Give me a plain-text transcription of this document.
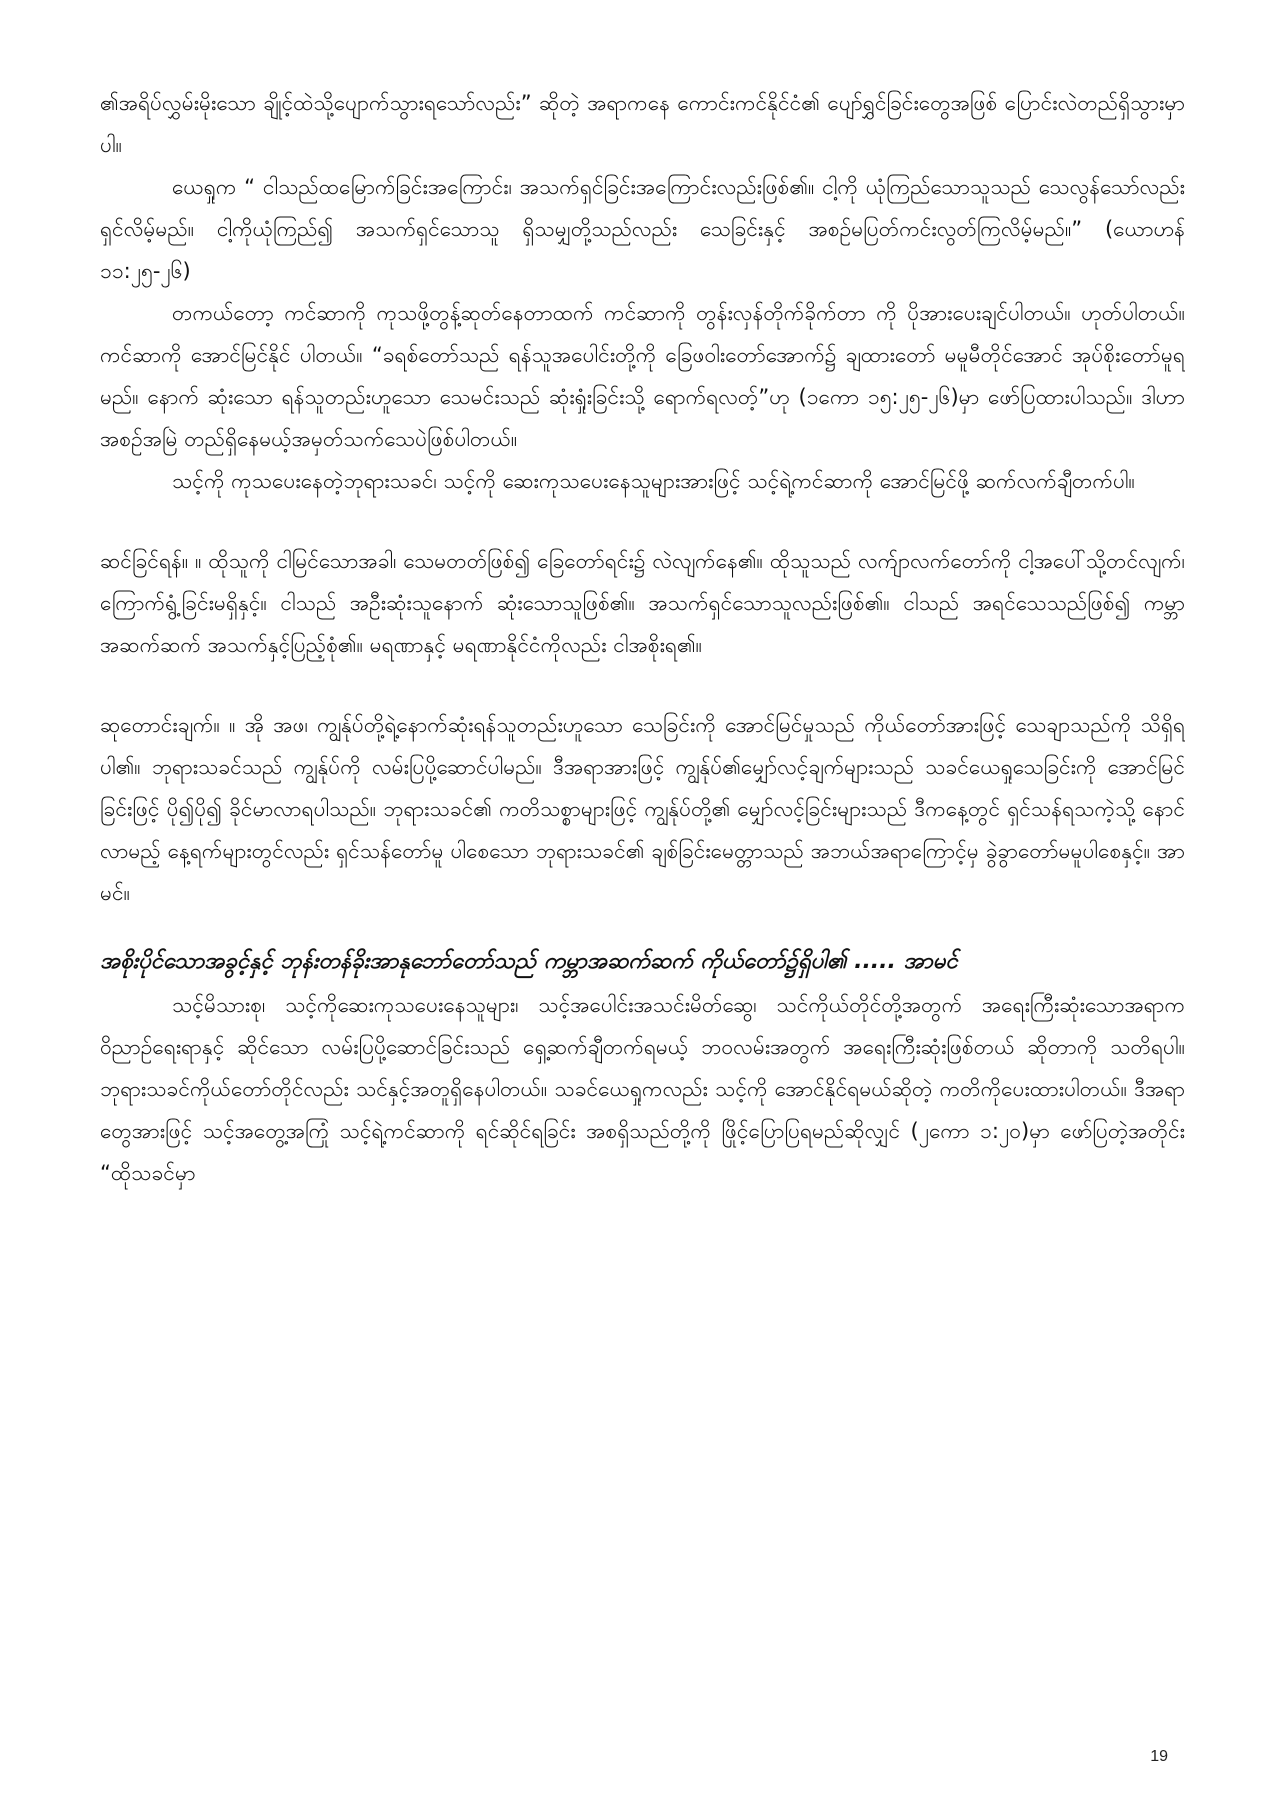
၏အရိပ်လွှမ်းမိုးသော ချိုင့်ထဲသို့ပျောက်သွားရသော်လည်း” ဆိုတဲ့ အရာကနေ ကောင်းကင်နိုင်ငံ၏ ပျော်ရွှင်ခြင်းတွေအဖြစ် ပြောင်းလဲတည်ရှိသွားမှာပါ။

ယေရှုက “ ငါသည်ထမြောက်ခြင်းအကြောင်း၊ အသက်ရှင်ခြင်းအကြောင်းလည်းဖြစ်၏။ ငါ့ကို ယုံကြည်သောသူသည် သေလွန်သော်လည်း ရှင်လိမ့်မည်။ ငါ့ကိုယုံကြည်၍ အသက်ရှင်သောသူ ရှိသမျှတို့သည်လည်း သေခြင်းနှင့် အစဉ်မပြတ်ကင်းလွတ်ကြလိမ့်မည်။” (ယောဟန် ၁၁:၂၅-၂၆)

တကယ်တော့ ကင်ဆာကို ကုသဖို့တွန့်ဆုတ်နေတာထက် ကင်ဆာကို တွန်းလှန်တိုက်ခိုက်တာ ကို ပိုအားပေးချင်ပါတယ်။ ဟုတ်ပါတယ်။ ကင်ဆာကို အောင်မြင်နိုင် ပါတယ်။ “ခရစ်တော်သည် ရန်သူအပေါင်းတို့ကို ခြေဖဝါးတော်အောက်၌ ချထားတော် မမူမီတိုင်အောင် အုပ်စိုးတော်မူရမည်။ နောက် ဆုံးသော ရန်သူတည်းဟူသော သေမင်းသည် ဆုံးရှုံးခြင်းသို့ ရောက်ရလတ့်”ဟု (၁ကော ၁၅:၂၅-၂၆)မှာ ဖော်ပြထားပါသည်။ ဒါဟာ အစဉ်အမြဲ တည်ရှိနေမယ့်အမှတ်သက်သေပဲဖြစ်ပါတယ်။

သင့်ကို ကုသပေးနေတဲ့ဘုရားသခင်၊ သင့်ကို ဆေးကုသပေးနေသူများအားဖြင့် သင့်ရဲ့ကင်ဆာကို အောင်မြင်ဖို့ ဆက်လက်ချီတက်ပါ။

ဆင်ခြင်ရန်။ ။ ထိုသူကို ငါမြင်သောအခါ၊ သေမတတ်ဖြစ်၍ ခြေတော်ရင်း၌ လဲလျက်နေ၏။ ထိုသူသည် လက်ျာလက်တော်ကို ငါ့အပေါ်သို့တင်လျက်၊ ကြောက်ရွံ့ခြင်းမရှိနှင့်။ ငါသည် အဦးဆုံးသူနောက် ဆုံးသောသူဖြစ်၏။ အသက်ရှင်သောသူလည်းဖြစ်၏။ ငါသည် အရင်သေသည်ဖြစ်၍ ကမ္ဘာအဆက်ဆက် အသက်နှင့်ပြည့်စုံ၏။ မရဏာနှင့် မရဏာနိုင်ငံကိုလည်း ငါအစိုးရ၏။

ဆုတောင်းချက်။ ။ အို အဖ၊ ကျွန်ုပ်တို့ရဲ့နောက်ဆုံးရန်သူတည်းဟူသော သေခြင်းကို အောင်မြင်မှုသည် ကိုယ်တော်အားဖြင့် သေချာသည်ကို သိရှိရပါ၏။ ဘုရားသခင်သည် ကျွန်ုပ်ကို လမ်းပြပို့ဆောင်ပါမည်။ ဒီအရာအားဖြင့် ကျွန်ုပ်၏မျှော်လင့်ချက်များသည် သခင်ယေရှုသေခြင်းကို အောင်မြင်ခြင်းဖြင့် ပို၍ပို၍ ခိုင်မာလာရပါသည်။ ဘုရားသခင်၏ ကတိသစ္စာများဖြင့် ကျွန်ုပ်တို့၏ မျှော်လင့်ခြင်းများသည် ဒီကနေ့တွင် ရှင်သန်ရသကဲ့သို့ နောင်လာမည့် နေ့ရက်များတွင်လည်း ရှင်သန်တော်မူ ပါစေသော ဘုရားသခင်၏ ချစ်ခြင်းမေတ္တာသည် အဘယ်အရာကြောင့်မှ ခွဲခွာတော်မမူပါစေနှင့်။ အာမင်။

အစိုးပိုင်သောအခွင့်နှင့် ဘုန်းတန်ခိုးအာနုဘော်တော်သည် ကမ္ဘာအဆက်ဆက် ကိုယ်တော်၌ရှိပါ၏ ..... အာမင်

သင့်မိသားစု၊ သင့်ကိုဆေးကုသပေးနေသူများ၊ သင့်အပေါင်းအသင်းမိတ်ဆွေ၊ သင်ကိုယ်တိုင်တို့အတွက် အရေးကြီးဆုံးသောအရာက ဝိညာဉ်ရေးရာနှင့် ဆိုင်သော လမ်းပြပို့ဆောင်ခြင်းသည် ရှေ့ဆက်ချီတက်ရမယ့် ဘဝလမ်းအတွက် အရေးကြီးဆုံးဖြစ်တယ် ဆိုတာကို သတိရပါ။ ဘုရားသခင်ကိုယ်တော်တိုင်လည်း သင်နှင့်အတူရှိနေပါတယ်။ သခင်ယေရှုကလည်း သင့်ကို အောင်နိုင်ရမယ်ဆိုတဲ့ ကတိကိုပေးထားပါတယ်။ ဒီအရာတွေအားဖြင့် သင့်အတွေ့အကြုံ သင့်ရဲ့ကင်ဆာကို ရင်ဆိုင်ရခြင်း အစရှိသည်တို့ကို ဖြိုင့်ပြောပြရမည်ဆိုလျှင် (၂ကော ၁:၂၀)မှာ ဖော်ပြတဲ့အတိုင်း “ထိုသခင်မှာ

19
